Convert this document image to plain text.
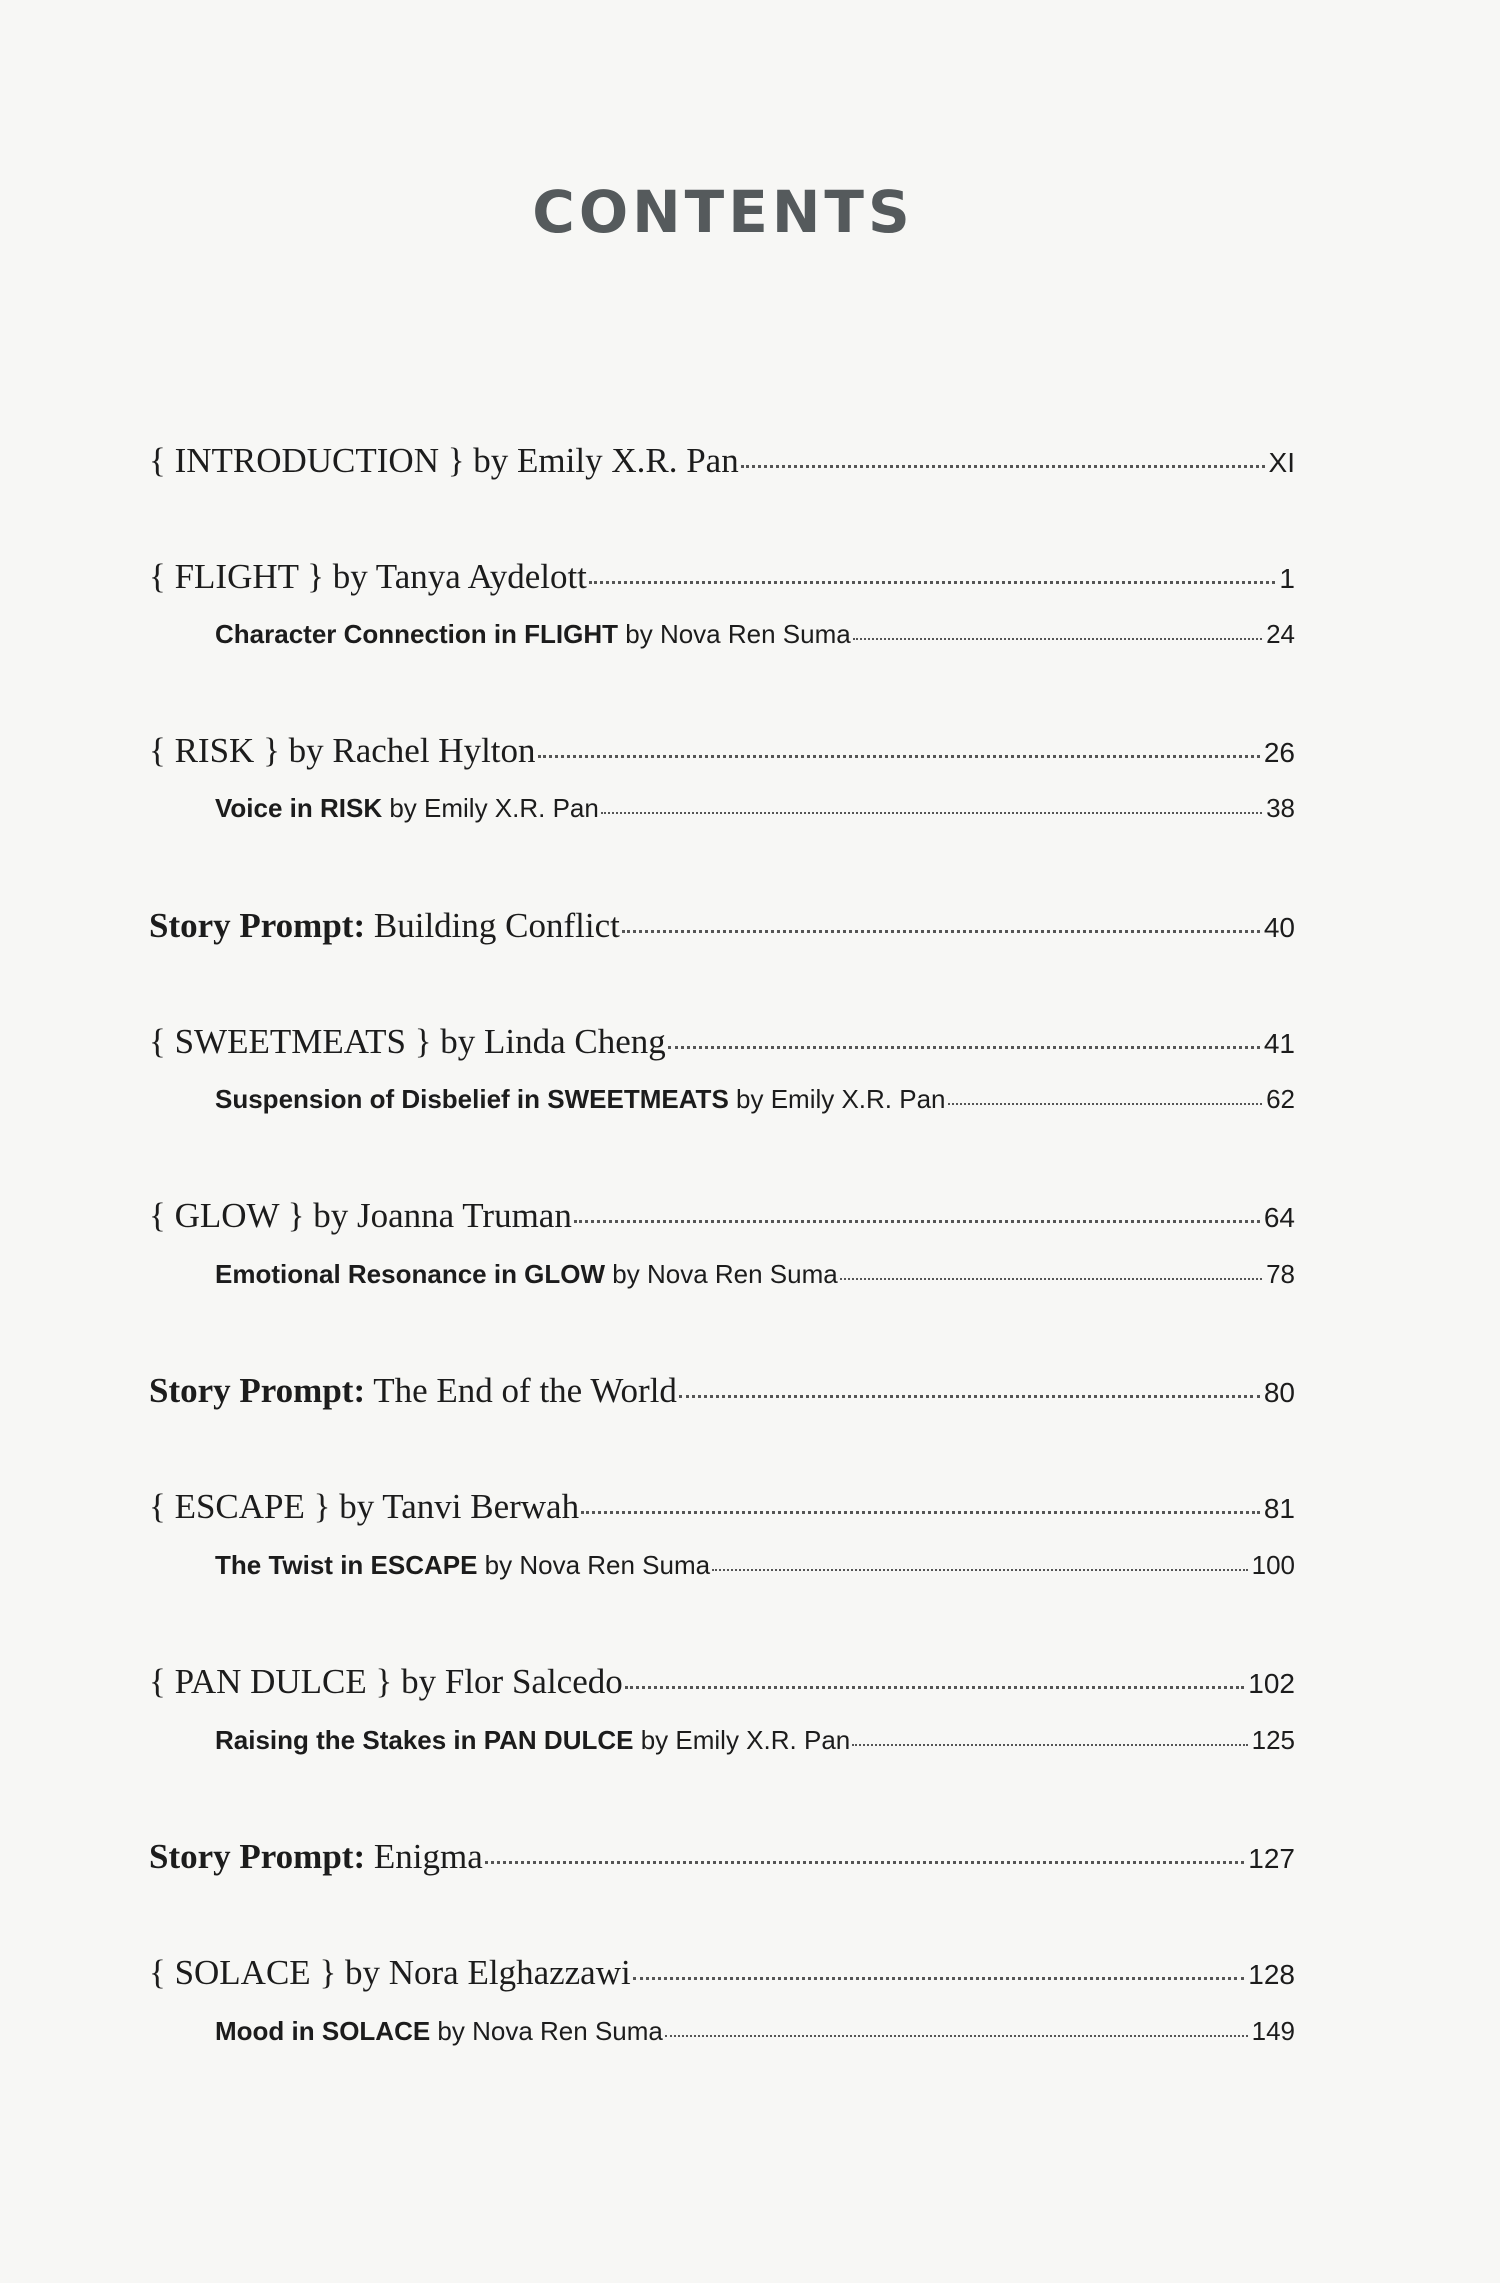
CONTENTS
{ INTRODUCTION } by Emily X.R. Pan	XI
{ FLIGHT } by Tanya Aydelott	1
Character Connection in FLIGHT by Nova Ren Suma	24
{ RISK } by Rachel Hylton	26
Voice in RISK by Emily X.R. Pan	38
Story Prompt: Building Conflict	40
{ SWEETMEATS } by Linda Cheng	41
Suspension of Disbelief in SWEETMEATS by Emily X.R. Pan	62
{ GLOW } by Joanna Truman	64
Emotional Resonance in GLOW by Nova Ren Suma	78
Story Prompt: The End of the World	80
{ ESCAPE } by Tanvi Berwah	81
The Twist in ESCAPE by Nova Ren Suma	100
{ PAN DULCE } by Flor Salcedo	102
Raising the Stakes in PAN DULCE by Emily X.R. Pan	125
Story Prompt: Enigma	127
{ SOLACE } by Nora Elghazzawi	128
Mood in SOLACE by Nova Ren Suma	149
